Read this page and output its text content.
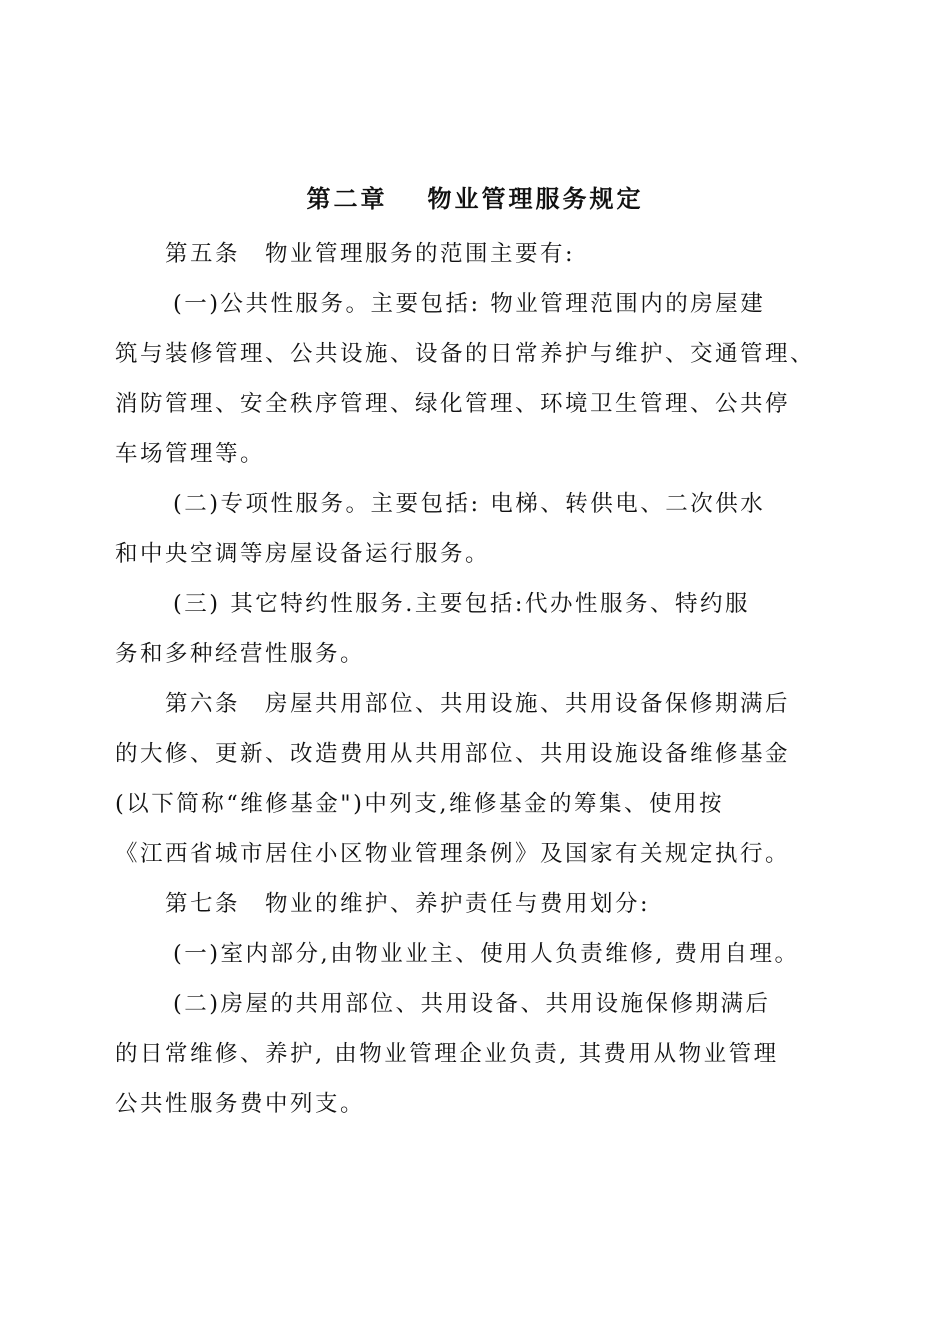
第二章 物业管理服务规定
第五条　物业管理服务的范围主要有:
(一)公共性服务。主要包括: 物业管理范围内的房屋建
筑与装修管理、公共设施、设备的日常养护与维护、交通管理、
消防管理、安全秩序管理、绿化管理、环境卫生管理、公共停
车场管理等。
(二)专项性服务。主要包括: 电梯、转供电、二次供水
和中央空调等房屋设备运行服务。
(三) 其它特约性服务.主要包括:代办性服务、特约服
务和多种经营性服务。
第六条　房屋共用部位、共用设施、共用设备保修期满后
的大修、更新、改造费用从共用部位、共用设施设备维修基金
(以下简称“维修基金")中列支,维修基金的筹集、使用按
《江西省城市居住小区物业管理条例》及国家有关规定执行。
第七条　物业的维护、养护责任与费用划分:
(一)室内部分,由物业业主、使用人负责维修, 费用自理。
(二)房屋的共用部位、共用设备、共用设施保修期满后
的日常维修、养护, 由物业管理企业负责, 其费用从物业管理
公共性服务费中列支。
